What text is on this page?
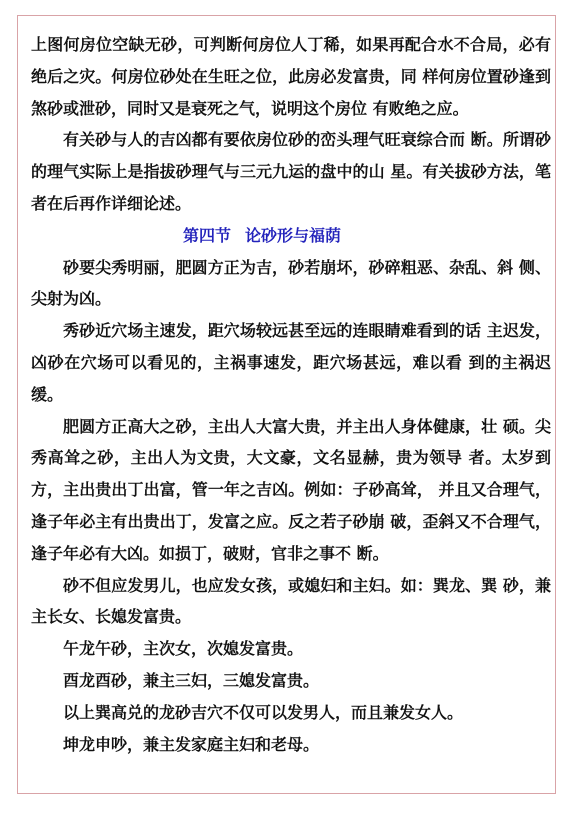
上图何房位空缺无砂，可判断何房位人丁稀，如果再配合水不合局，必有绝后之灾。何房位砂处在生旺之位，此房必发富贵，同 样何房位置砂逢到煞砂或泄砂，同时又是衰死之气，说明这个房位 有败绝之应。

有关砂与人的吉凶都有要依房位砂的峦头理气旺衰综合而 断。所谓砂的理气实际上是指拔砂理气与三元九运的盘中的山 星。有关拔砂方法，笔者在后再作详细论述。

第四节 论砂形与福荫

砂要尖秀明丽，肥圆方正为吉，砂若崩坏，砂碎粗恶、杂乱、斜 侧、尖射为凶。

秀砂近穴场主速发，距穴场较远甚至远的连眼睛难看到的话 主迟发，凶砂在穴场可以看见的，主祸事速发，距穴场甚远，难以看 到的主祸迟缓。

肥圆方正高大之砂，主出人大富大贵，并主出人身体健康，壮 硕。尖秀高耸之砂，主出人为文贵，大文豪，文名显赫，贵为领导 者。太岁到方，主出贵出丁出富，管一年之吉凶。例如：子砂高耸， 并且又合理气，逢子年必主有出贵出丁，发富之应。反之若子砂崩 破，歪斜又不合理气，逢子年必有大凶。如损丁，破财，官非之事不 断。

砂不但应发男儿，也应发女孩，或媳妇和主妇。如：巽龙、巽 砂，兼主长女、长媳发富贵。

午龙午砂，主次女，次媳发富贵。

酉龙酉砂，兼主三妇，三媳发富贵。

以上巽高兑的龙砂吉穴不仅可以发男人，而且兼发女人。

坤龙申吵，兼主发家庭主妇和老母。
